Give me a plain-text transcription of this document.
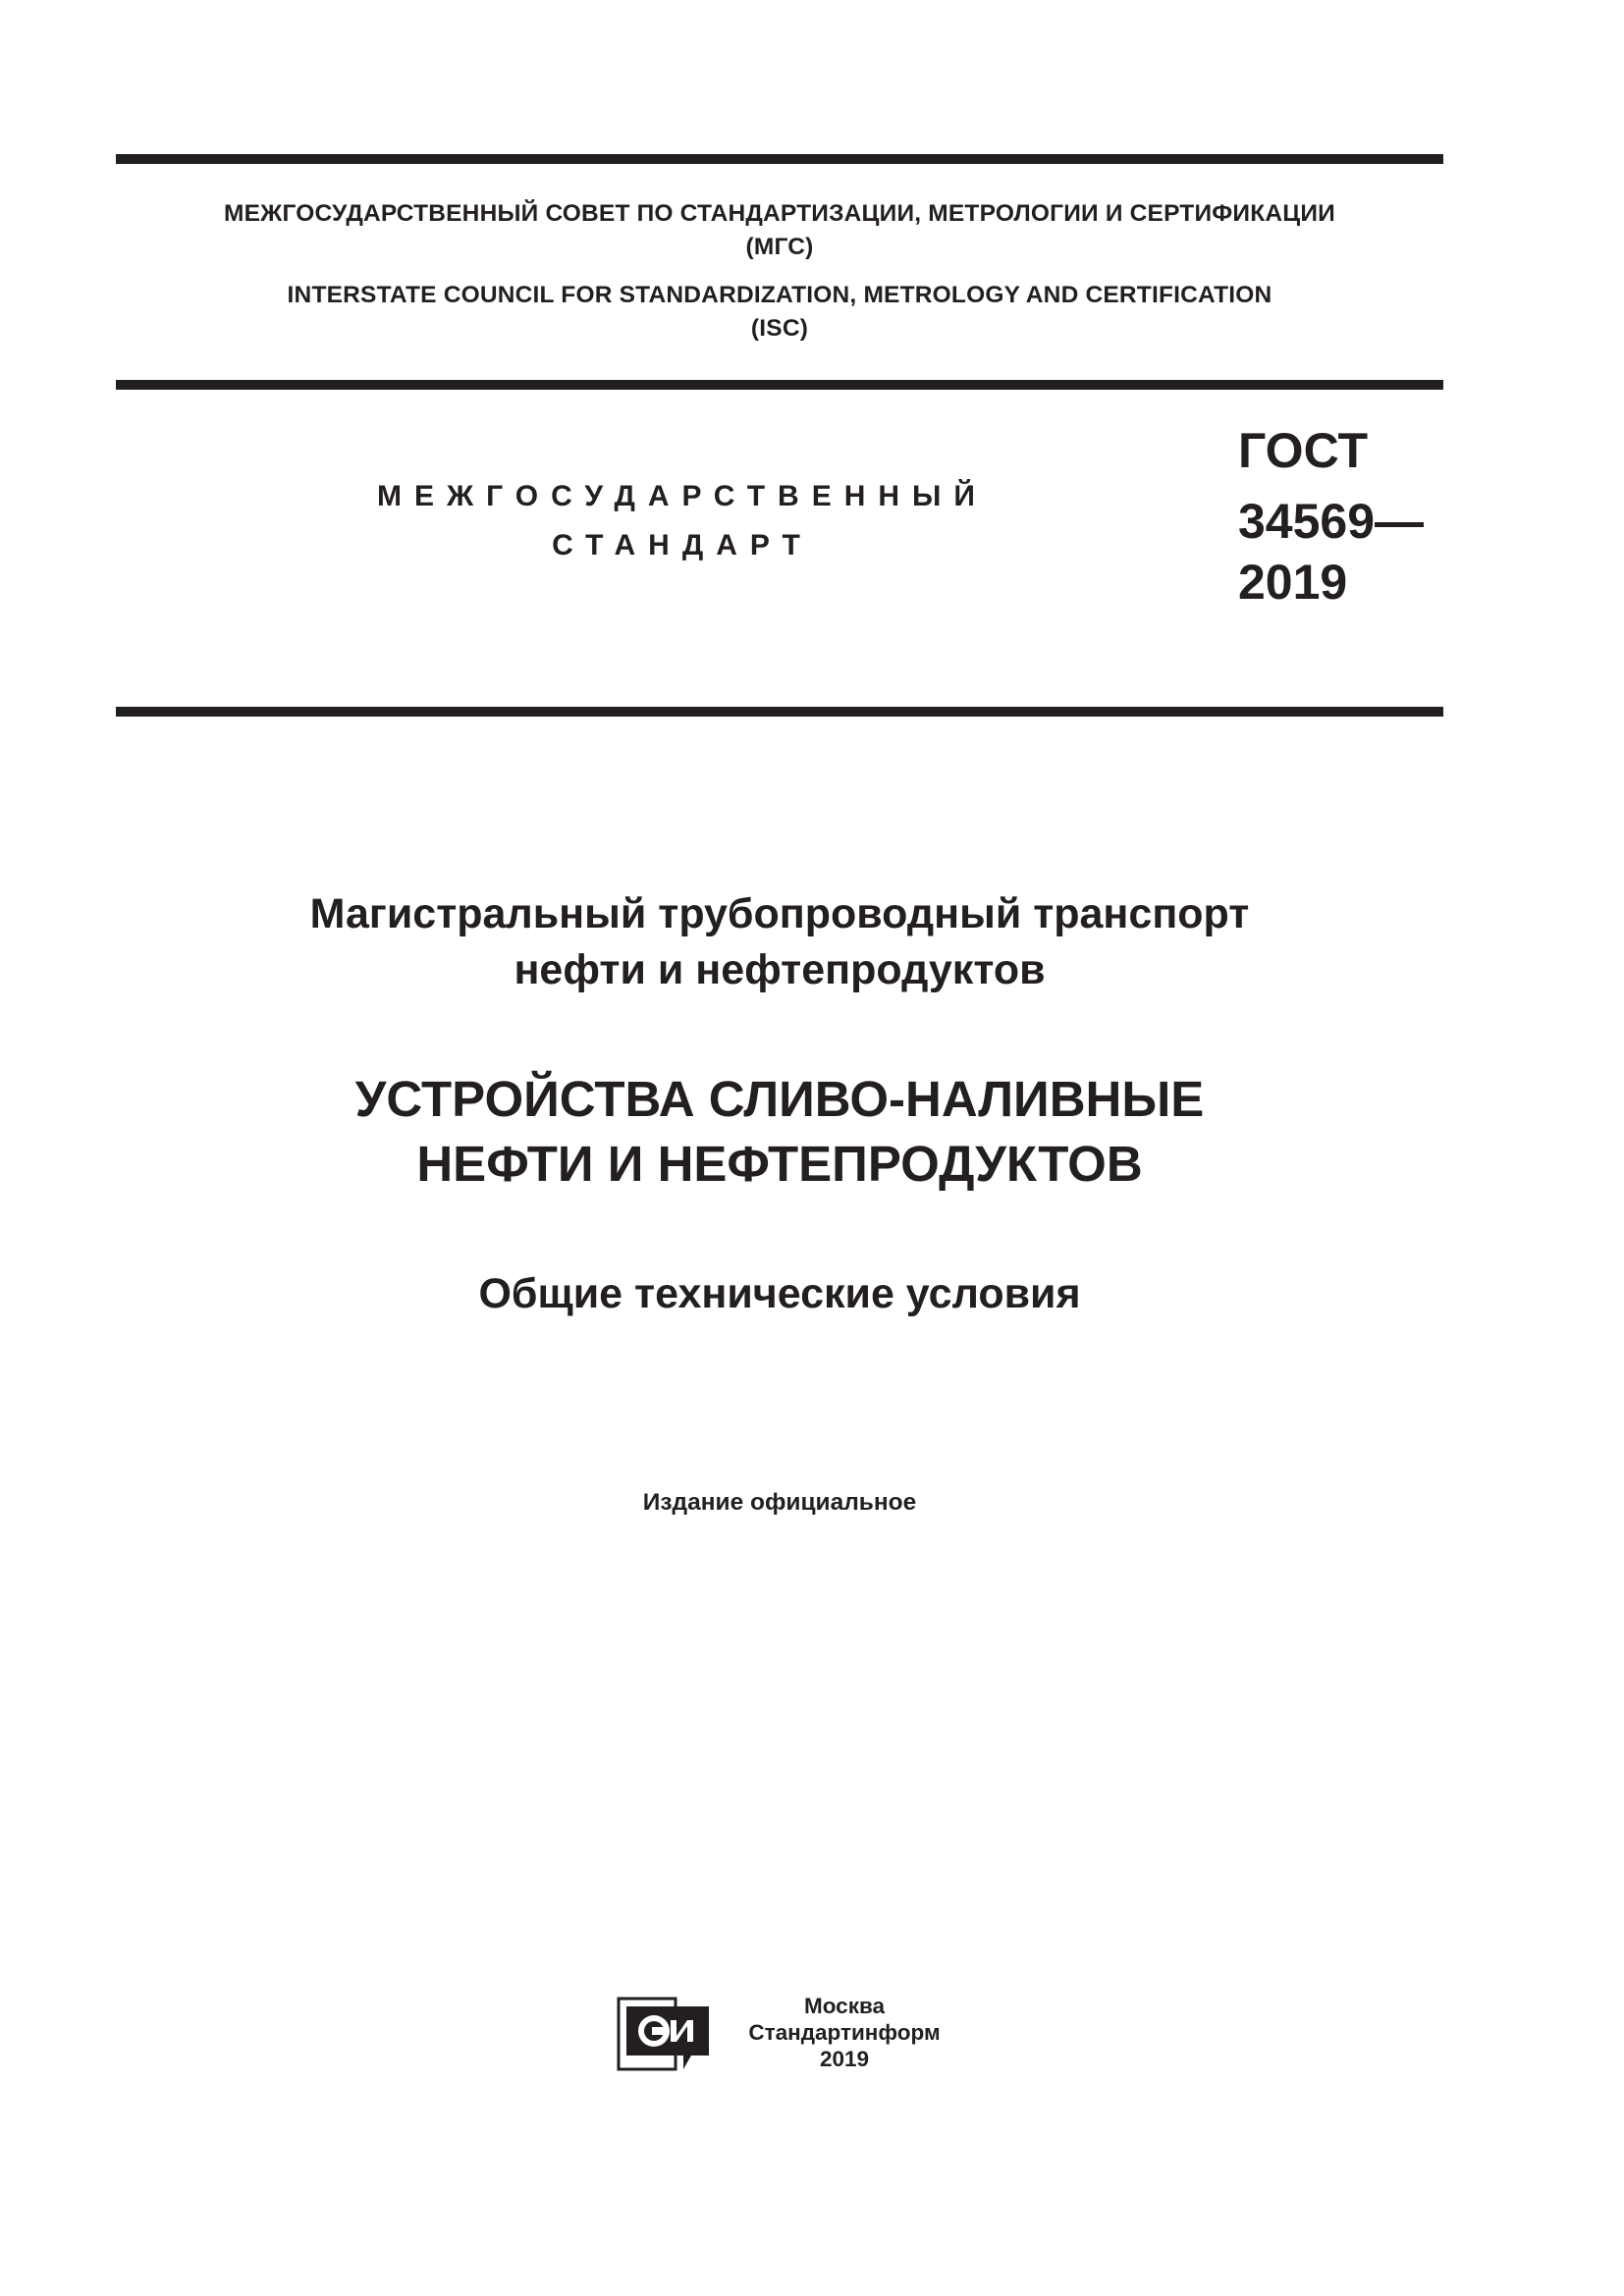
МЕЖГОСУДАРСТВЕННЫЙ СОВЕТ ПО СТАНДАРТИЗАЦИИ, МЕТРОЛОГИИ И СЕРТИФИКАЦИИ
(МГС)
INTERSTATE COUNCIL FOR STANDARDIZATION, METROLOGY AND CERTIFICATION
(ISC)
МЕЖГОСУДАРСТВЕННЫЙ
СТАНДАРТ
ГОСТ
34569—
2019
Магистральный трубопроводный транспорт
нефти и нефтепродуктов
УСТРОЙСТВА СЛИВО-НАЛИВНЫЕ
НЕФТИ И НЕФТЕПРОДУКТОВ
Общие технические условия
Издание официальное
Москва
Стандартинформ
2019
